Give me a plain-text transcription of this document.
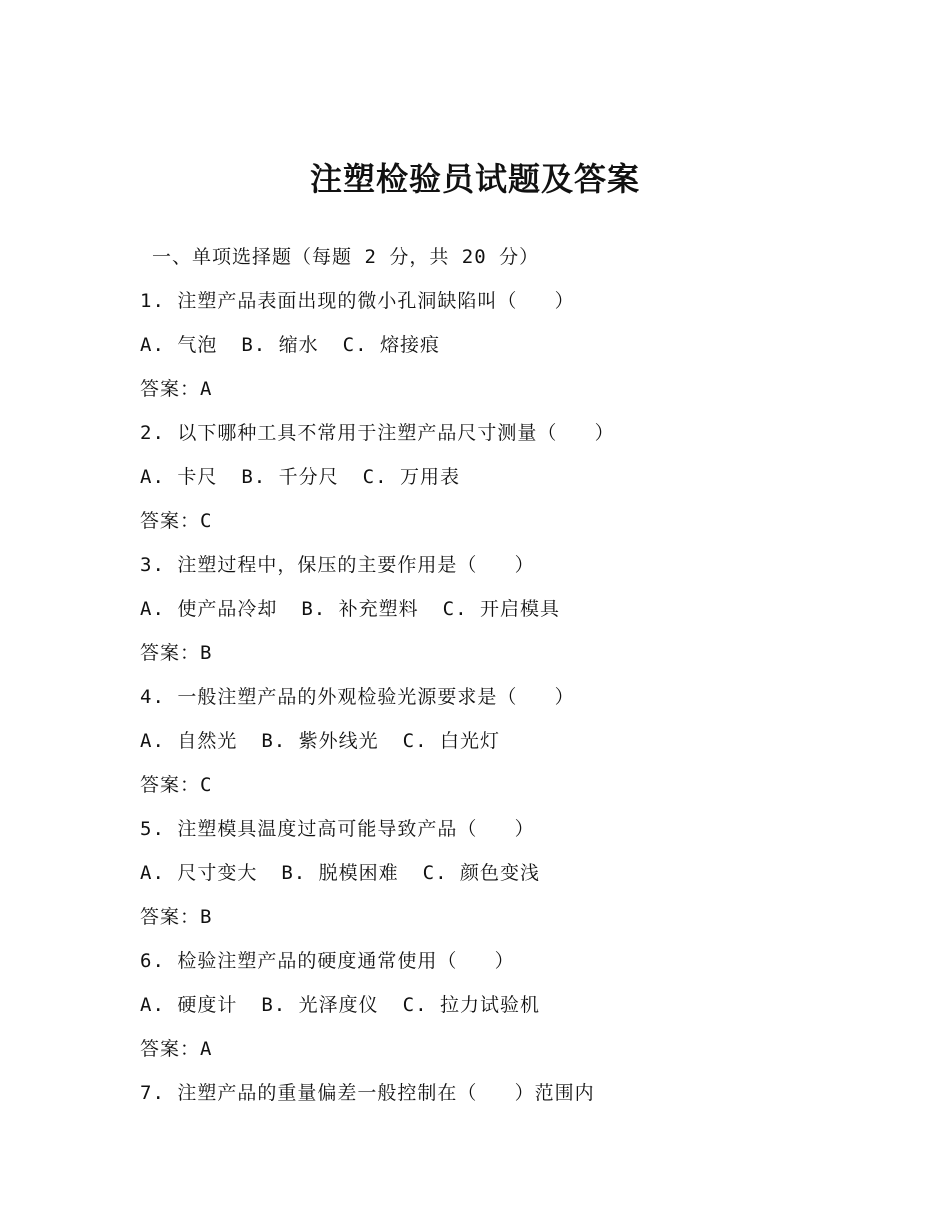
注塑检验员试题及答案
一、单项选择题（每题 2 分，共 20 分）
1. 注塑产品表面出现的微小孔洞缺陷叫（   ）
A. 气泡 B. 缩水 C. 熔接痕
答案：A
2. 以下哪种工具不常用于注塑产品尺寸测量（   ）
A. 卡尺 B. 千分尺 C. 万用表
答案：C
3. 注塑过程中，保压的主要作用是（   ）
A. 使产品冷却 B. 补充塑料 C. 开启模具
答案：B
4. 一般注塑产品的外观检验光源要求是（   ）
A. 自然光 B. 紫外线光 C. 白光灯
答案：C
5. 注塑模具温度过高可能导致产品（   ）
A. 尺寸变大 B. 脱模困难 C. 颜色变浅
答案：B
6. 检验注塑产品的硬度通常使用（   ）
A. 硬度计 B. 光泽度仪 C. 拉力试验机
答案：A
7. 注塑产品的重量偏差一般控制在（   ）范围内
